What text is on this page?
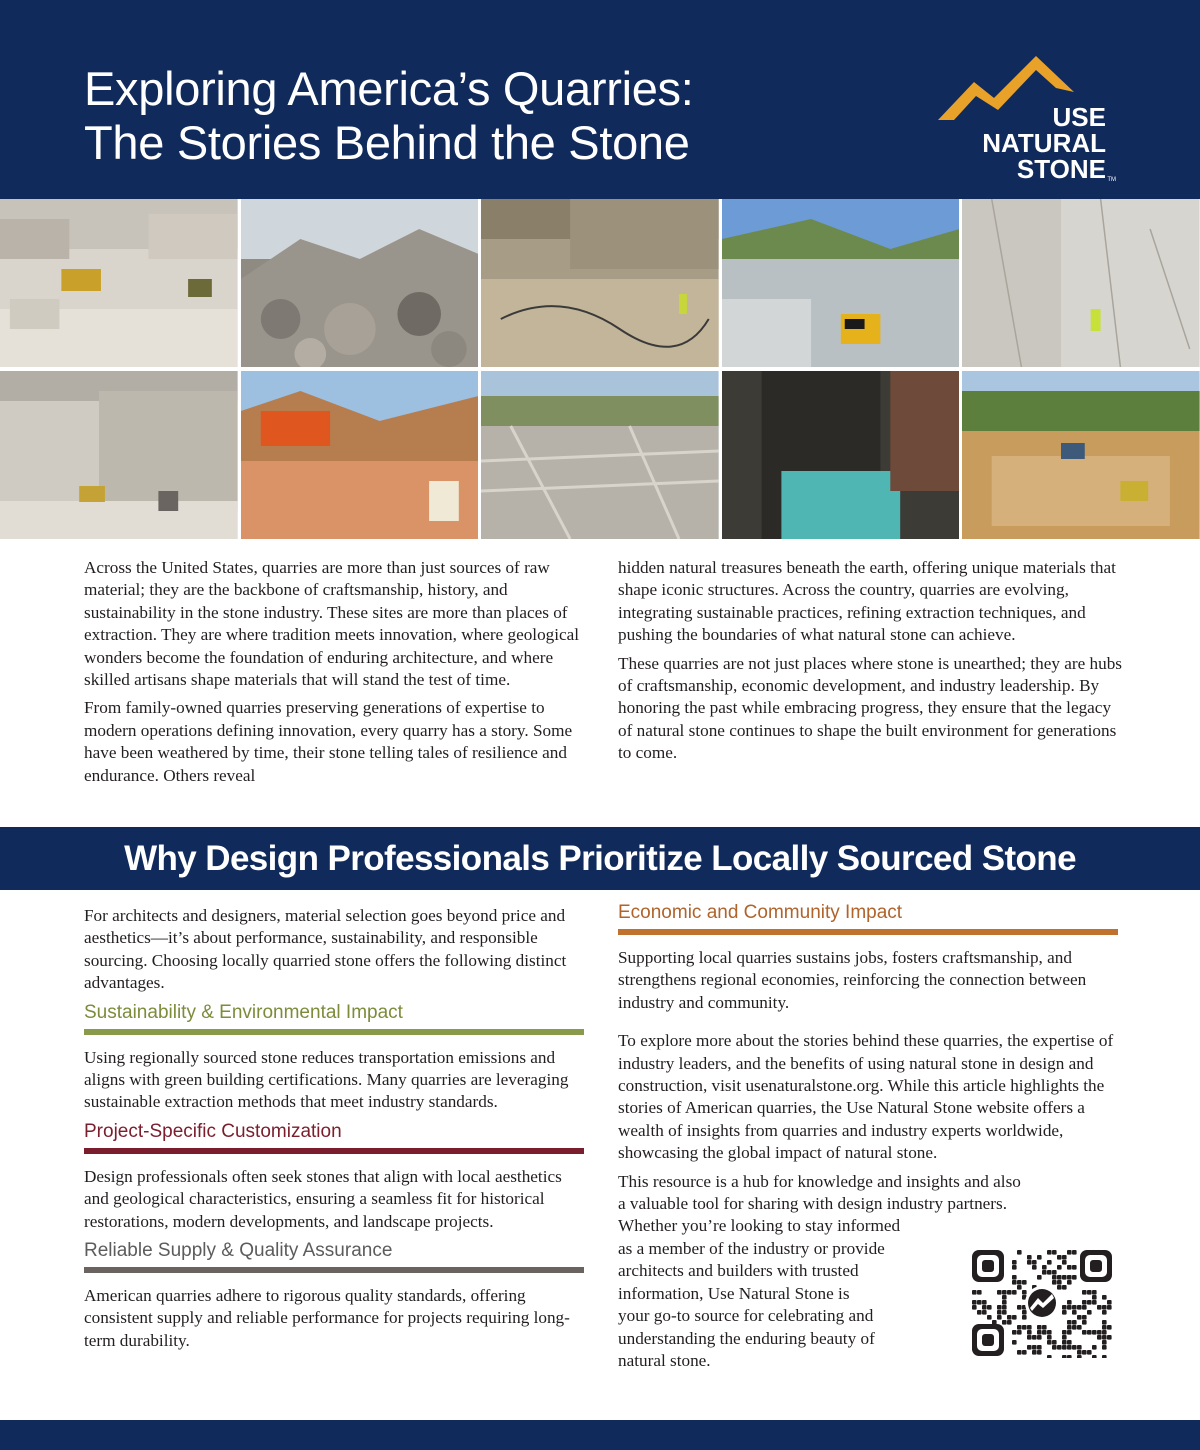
Exploring America’s Quarries:
The Stories Behind the Stone	USE
NATURAL
STONE TM

Across the United States, quarries are more than just sources of raw material; they are the backbone of craftsmanship, history, and sustainability in the stone industry. These sites are more than places of extraction. They are where tradition meets innovation, where geological wonders become the foundation of enduring architecture, and where skilled artisans shape materials that will stand the test of time.

From family-owned quarries preserving generations of expertise to modern operations defining innovation, every quarry has a story. Some have been weathered by time, their stone telling tales of resilience and endurance. Others reveal

hidden natural treasures beneath the earth, offering unique materials that shape iconic structures. Across the country, quarries are evolving, integrating sustainable practices, refining extraction techniques, and pushing the boundaries of what natural stone can achieve.

These quarries are not just places where stone is unearthed; they are hubs of craftsmanship, economic development, and industry leadership. By honoring the past while embracing progress, they ensure that the legacy of natural stone continues to shape the built environment for generations to come.

Why Design Professionals Prioritize Locally Sourced Stone

For architects and designers, material selection goes beyond price and aesthetics—it’s about performance, sustainability, and responsible sourcing. Choosing locally quarried stone offers the following distinct advantages.

Sustainability & Environmental Impact

Using regionally sourced stone reduces transportation emissions and aligns with green building certifications. Many quarries are leveraging sustainable extraction methods that meet industry standards.

Project-Specific Customization

Design professionals often seek stones that align with local aesthetics and geological characteristics, ensuring a seamless fit for historical restorations, modern developments, and landscape projects.

Reliable Supply & Quality Assurance

American quarries adhere to rigorous quality standards, offering consistent supply and reliable performance for projects requiring long-term durability.

Economic and Community Impact

Supporting local quarries sustains jobs, fosters craftsmanship, and strengthens regional economies, reinforcing the connection between industry and community.

To explore more about the stories behind these quarries, the expertise of industry leaders, and the benefits of using natural stone in design and construction, visit usenaturalstone.org. While this article highlights the stories of American quarries, the Use Natural Stone website offers a wealth of insights from quarries and industry experts worldwide, showcasing the global impact of natural stone.

This resource is a hub for knowledge and insights and also
a valuable tool for sharing with design industry partners.
Whether you’re looking to stay informed
as a member of the industry or provide
architects and builders with trusted
information, Use Natural Stone is
your go-to source for celebrating and
understanding the enduring beauty of
natural stone.
